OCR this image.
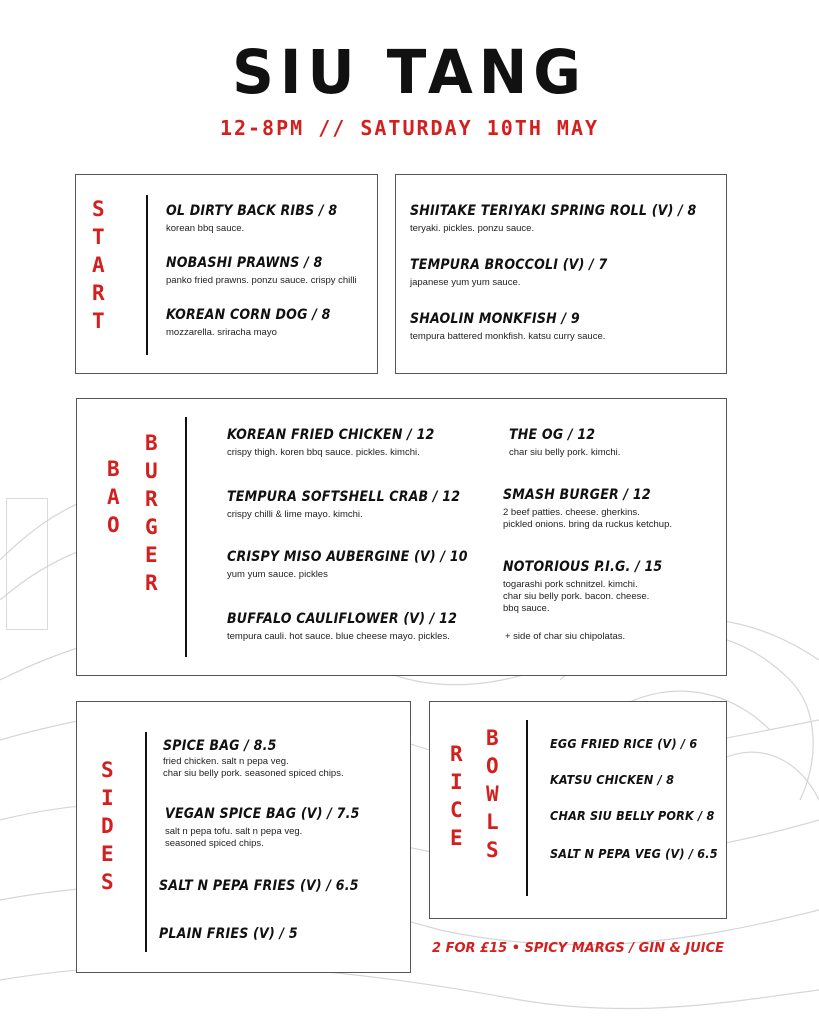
SIU TANG
12-8PM // SATURDAY 10TH MAY
S
T
A
R
T
OL DIRTY BACK RIBS / 8
korean bbq sauce.
NOBASHI PRAWNS / 8
panko fried prawns. ponzu sauce. crispy chilli
KOREAN CORN DOG / 8
mozzarella. sriracha mayo
SHIITAKE TERIYAKI SPRING ROLL (V) / 8
teryaki. pickles. ponzu sauce.
TEMPURA BROCCOLI (V) / 7
japanese yum yum sauce.
SHAOLIN MONKFISH / 9
tempura battered monkfish. katsu curry sauce.
B
A
O
B
U
R
G
E
R
KOREAN FRIED CHICKEN / 12
crispy thigh. koren bbq sauce. pickles. kimchi.
TEMPURA SOFTSHELL CRAB / 12
crispy chilli & lime mayo. kimchi.
CRISPY MISO AUBERGINE (V) / 10
yum yum sauce. pickles
BUFFALO CAULIFLOWER (V) / 12
tempura cauli. hot sauce. blue cheese mayo. pickles.
THE OG / 12
char siu belly pork. kimchi.
SMASH BURGER / 12
2 beef patties. cheese. gherkins.
pickled onions. bring da ruckus ketchup.
NOTORIOUS P.I.G. / 15
togarashi pork schnitzel. kimchi.
char siu belly pork. bacon. cheese.
bbq sauce.
+ side of char siu chipolatas.
S
I
D
E
S
SPICE BAG / 8.5
fried chicken. salt n pepa veg.
char siu belly pork. seasoned spiced chips.
VEGAN SPICE BAG (V) / 7.5
salt n pepa tofu. salt n pepa veg.
seasoned spiced chips.
SALT N PEPA FRIES (V) / 6.5
PLAIN FRIES (V) / 5
R
I
C
E
B
O
W
L
S
EGG FRIED RICE (V) / 6
KATSU CHICKEN / 8
CHAR SIU BELLY PORK / 8
SALT N PEPA VEG (V) / 6.5
2 FOR £15 • SPICY MARGS / GIN & JUICE
